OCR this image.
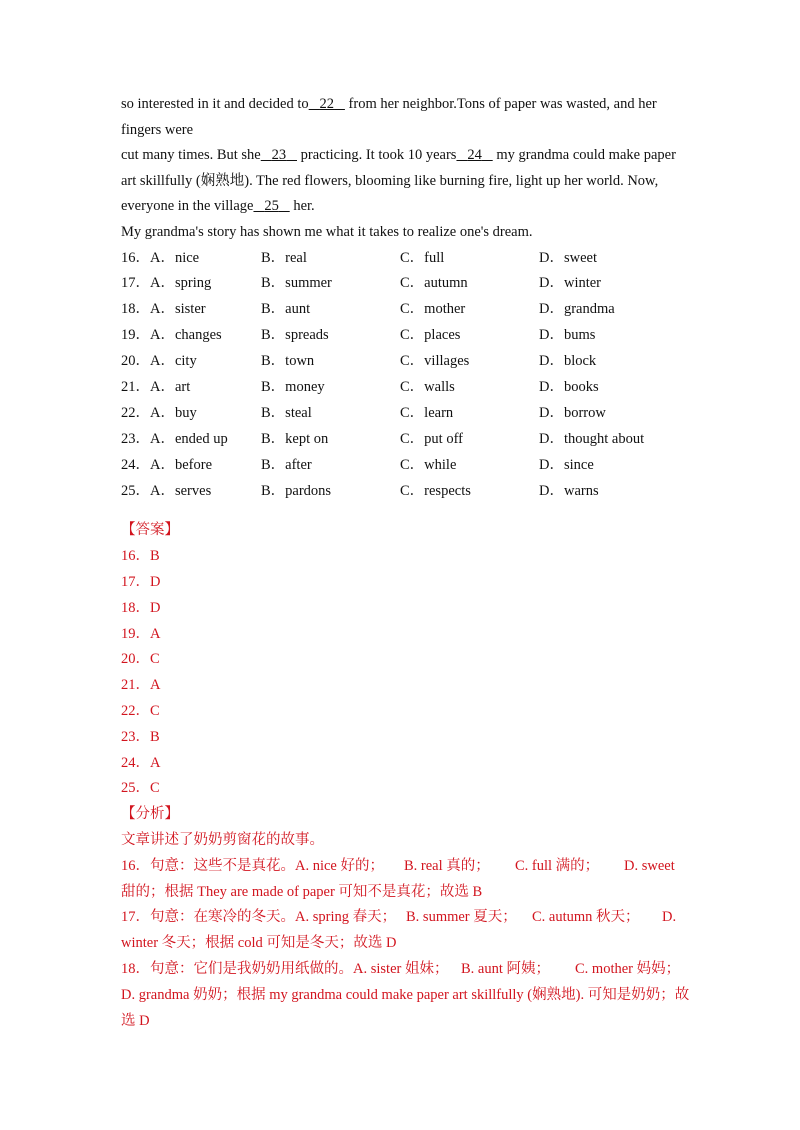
so interested in it and decided to 22 from her neighbor.Tons of paper was wasted, and her
fingers were
cut many times. But she 23 practicing. It took 10 years 24 my grandma could make paper
art skillfully (娴熟地). The red flowers, blooming like burning fire, light up her world. Now,
everyone in the village 25 her.
My grandma's story has shown me what it takes to realize one's dream.
16．A．nice	B．real	C．full	D．sweet
17．A．spring	B．summer	C．autumn	D．winter
18．A．sister	B．aunt	C．mother	D．grandma
19．A．changes	B．spreads	C．places	D．bums
20．A．city	B．town	C．villages	D．block
21．A．art	B．money	C．walls	D．books
22．A．buy	B．steal	C．learn	D．borrow
23．A．ended up B．kept on	C．put off	D．thought about
24．A．before	B．after	C．while	D．since
25．A．serves	B．pardons	C．respects	D．warns
【答案】
16．B
17．D
18．D
19．A
20．C
21．A
22．C
23．B
24．A
25．C
【分析】
文章讲述了奶奶剪窗花的故事。
16．句意：这些不是真花。A. nice 好的； B. real 真的； C. full 满的； D. sweet
甜的；根据 They are made of paper 可知不是真花；故选 B
17．句意：在寒冷的冬天。A. spring 春天； B. summer 夏天； C. autumn 秋天； D.
winter 冬天；根据 cold 可知是冬天；故选 D
18．句意：它们是我奶奶用纸做的。A. sister 姐妹； B. aunt 阿姨； C. mother 妈妈；
D. grandma 奶奶；根据 my grandma could make paper art skillfully (娴熟地). 可知是奶奶；故
选 D
